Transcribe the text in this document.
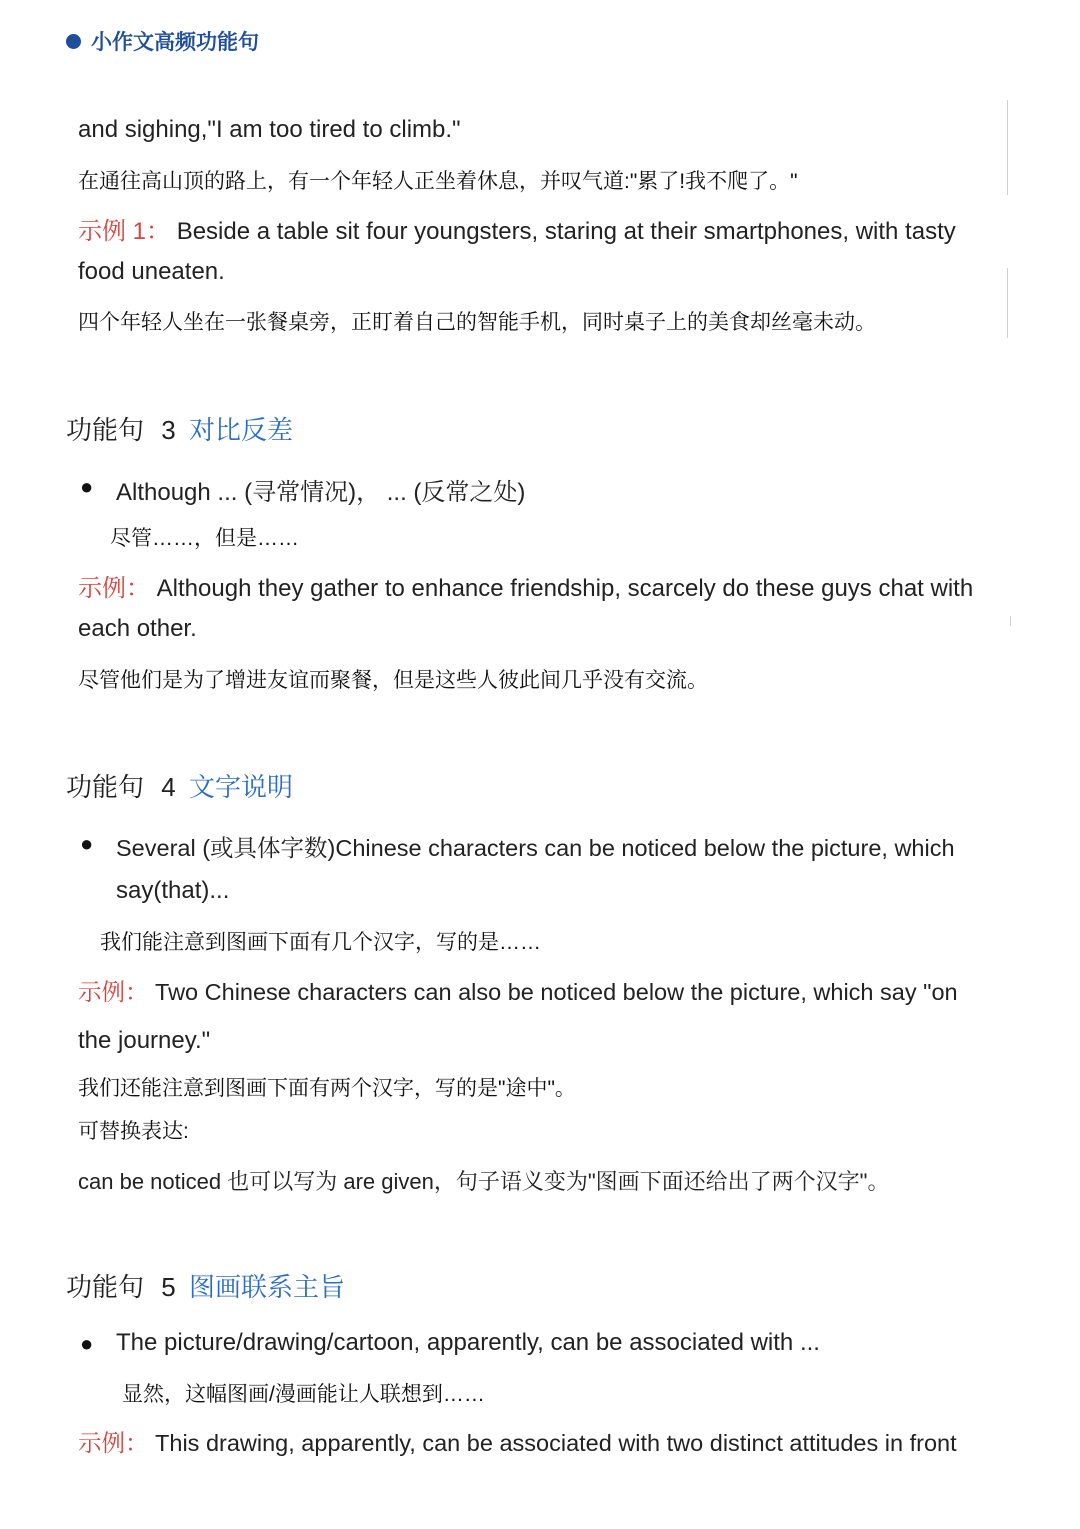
小作文高频功能句
and sighing,"I am too tired to climb."
在通往高山顶的路上，有一个年轻人正坐着休息，并叹气道:"累了!我不爬了。"
示例 1： Beside a table sit four youngsters, staring at their smartphones, with tasty
food uneaten.
四个年轻人坐在一张餐桌旁，正盯着自己的智能手机，同时桌子上的美食却丝毫未动。
功能句 3 对比反差
● Although ... (寻常情况)， ... (反常之处)
尽管……，但是……
示例： Although they gather to enhance friendship, scarcely do these guys chat with
each other.
尽管他们是为了增进友谊而聚餐，但是这些人彼此间几乎没有交流。
功能句 4 文字说明
● Several (或具体字数)Chinese characters can be noticed below the picture, which
say(that)...
我们能注意到图画下面有几个汉字，写的是……
示例： Two Chinese characters can also be noticed below the picture, which say "on
the journey."
我们还能注意到图画下面有两个汉字，写的是"途中"。
可替换表达:
can be noticed 也可以写为 are given，句子语义变为"图画下面还给出了两个汉字"。
功能句 5 图画联系主旨
● The picture/drawing/cartoon, apparently, can be associated with ...
显然，这幅图画/漫画能让人联想到……
示例： This drawing, apparently, can be associated with two distinct attitudes in front
